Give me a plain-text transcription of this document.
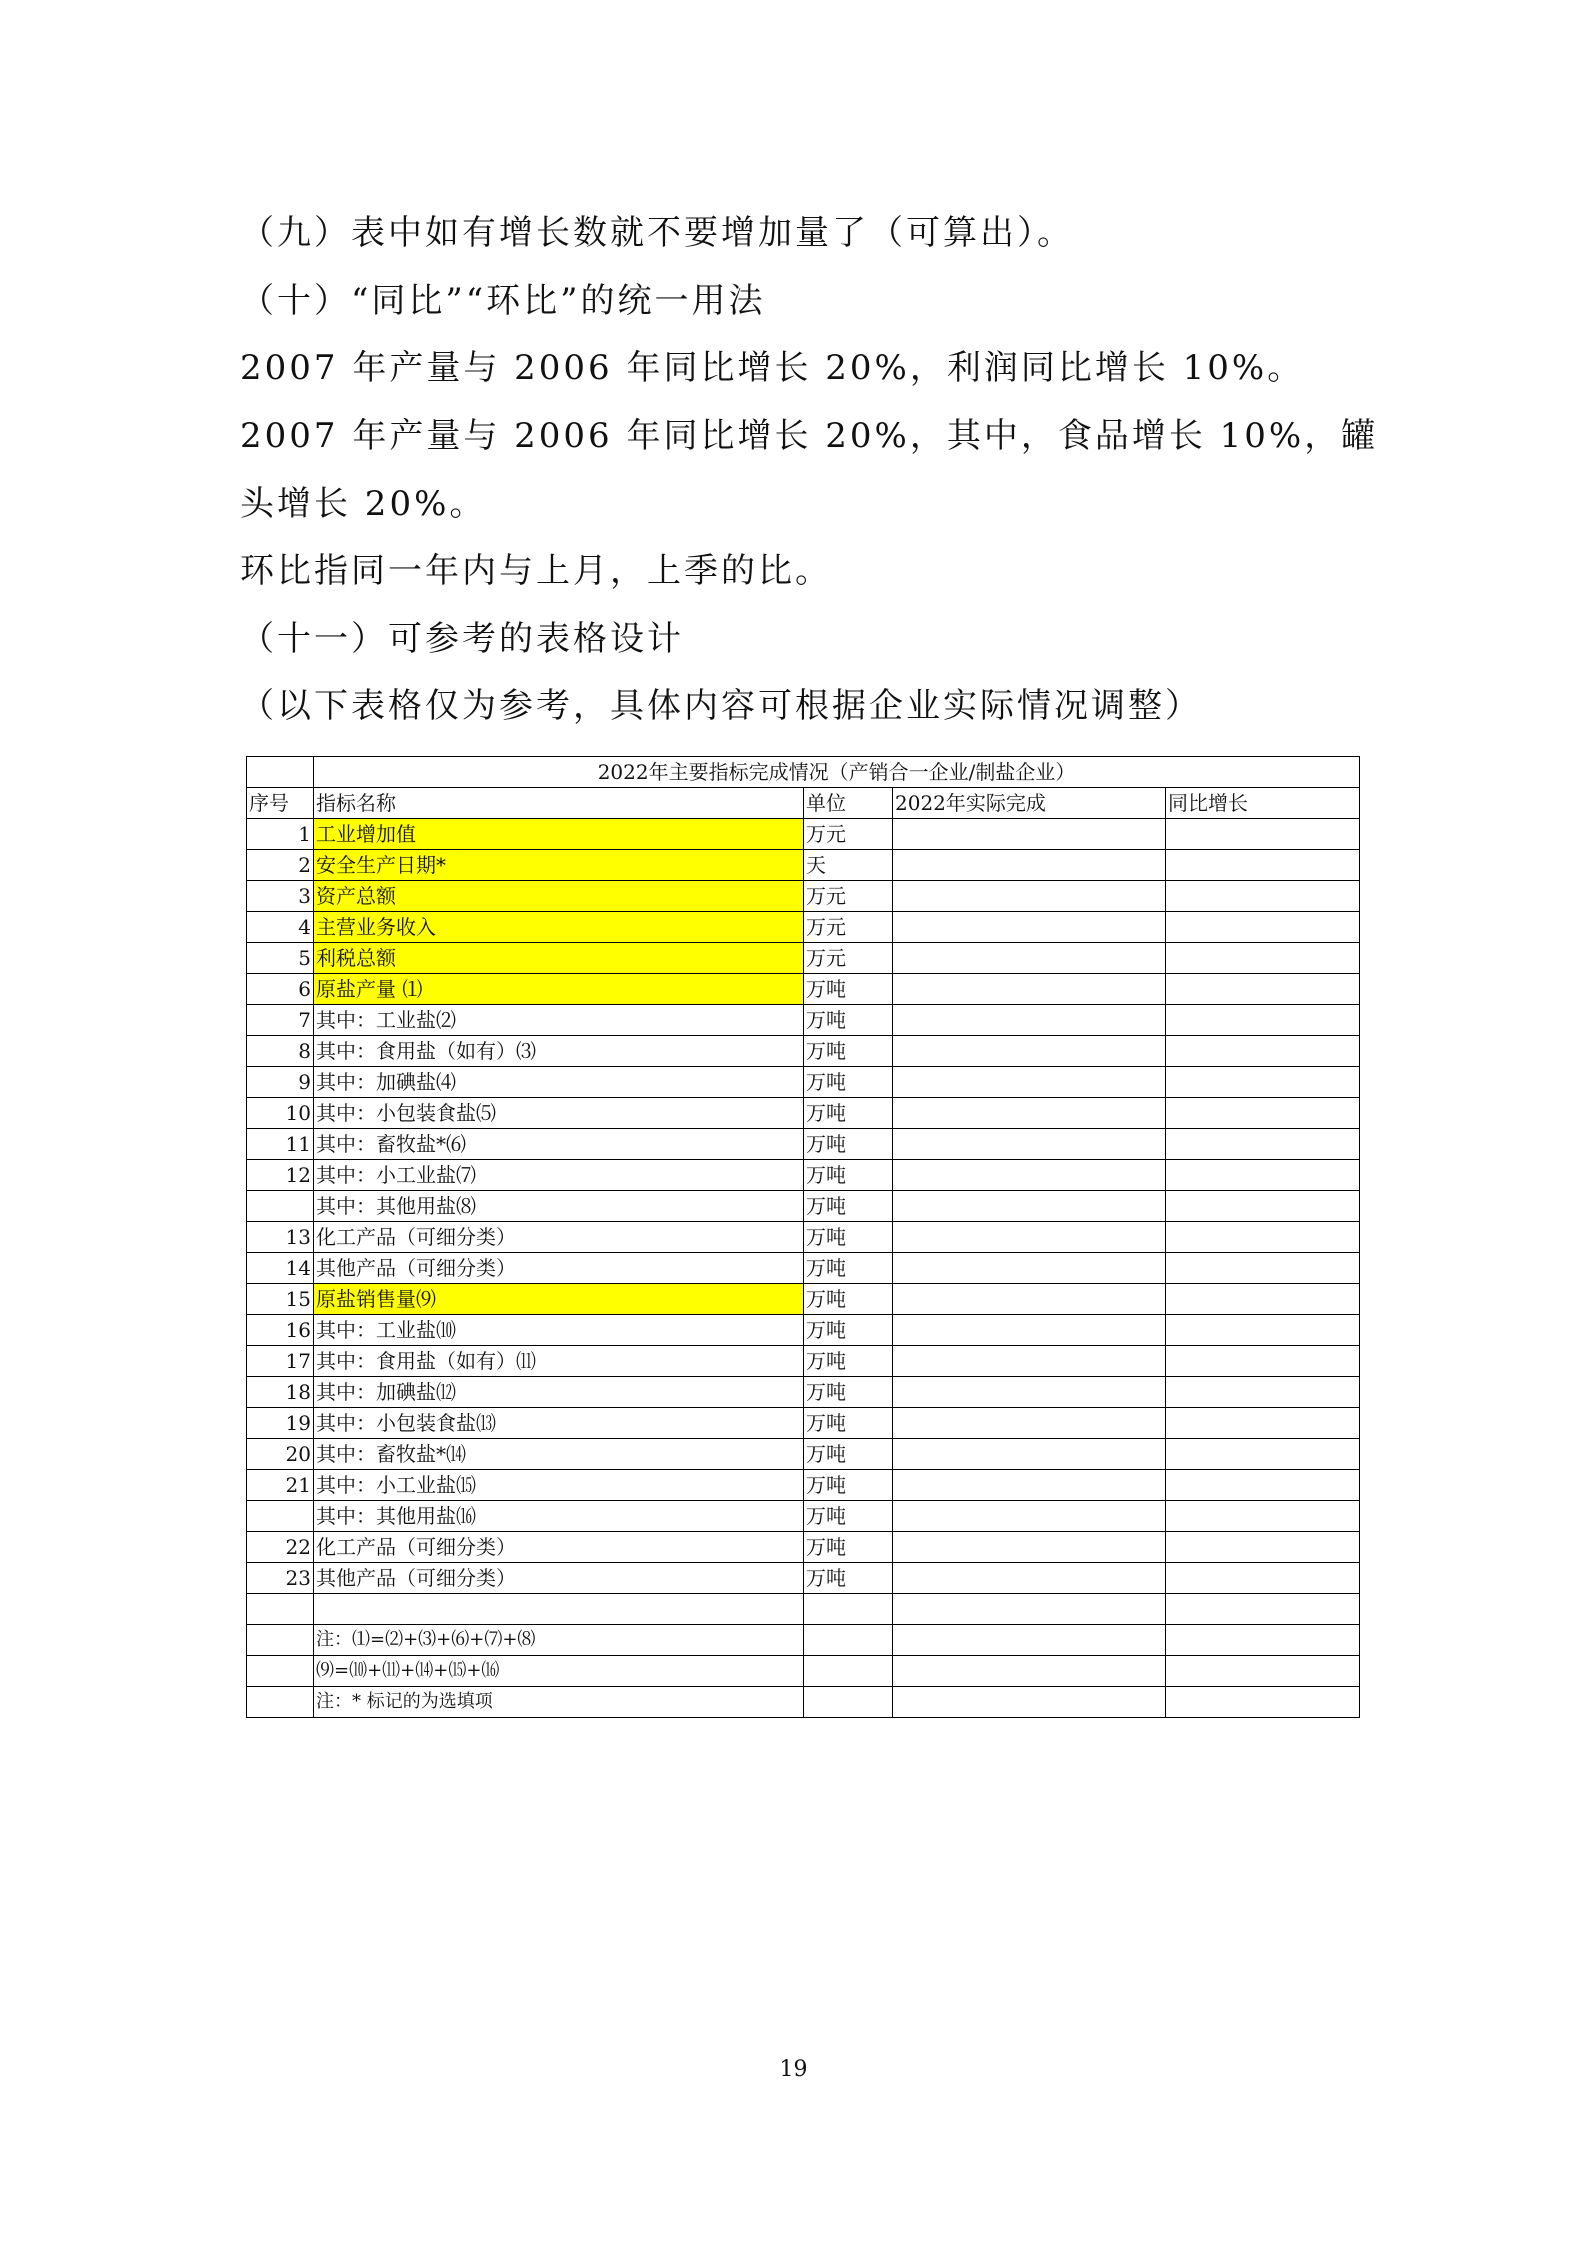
（九）表中如有增长数就不要增加量了（可算出）。

（十）“同比”“环比”的统一用法

2007 年产量与 2006 年同比增长 20%，利润同比增长 10%。

2007 年产量与 2006 年同比增长 20%，其中，食品增长 10%，罐

头增长 20%。

环比指同一年内与上月，上季的比。

（十一）可参考的表格设计

（以下表格仅为参考，具体内容可根据企业实际情况调整）

	2022年主要指标完成情况（产销合一企业/制盐企业）			
序号	指标名称	单位	2022年实际完成	同比增长
1	工业增加值	万元		
2	安全生产日期*	天		
3	资产总额	万元		
4	主营业务收入	万元		
5	利税总额	万元		
6	原盐产量 ⑴	万吨		
7	其中：工业盐⑵	万吨		
8	其中：食用盐（如有）⑶	万吨		
9	其中：加碘盐⑷	万吨		
10	其中：小包装食盐⑸	万吨		
11	其中：畜牧盐*⑹	万吨		
12	其中：小工业盐⑺	万吨		
	其中：其他用盐⑻	万吨		
13	化工产品（可细分类）	万吨		
14	其他产品（可细分类）	万吨		
15	原盐销售量⑼	万吨		
16	其中：工业盐⑽	万吨		
17	其中：食用盐（如有）⑾	万吨		
18	其中：加碘盐⑿	万吨		
19	其中：小包装食盐⒀	万吨		
20	其中：畜牧盐*⒁	万吨		
21	其中：小工业盐⒂	万吨		
	其中：其他用盐⒃	万吨		
22	化工产品（可细分类）	万吨		
23	其他产品（可细分类）	万吨		

	注：⑴=⑵+⑶+⑹+⑺+⑻			
	⑼=⑽+⑾+⒁+⒂+⒃			
	注：* 标记的为选填项			
19
